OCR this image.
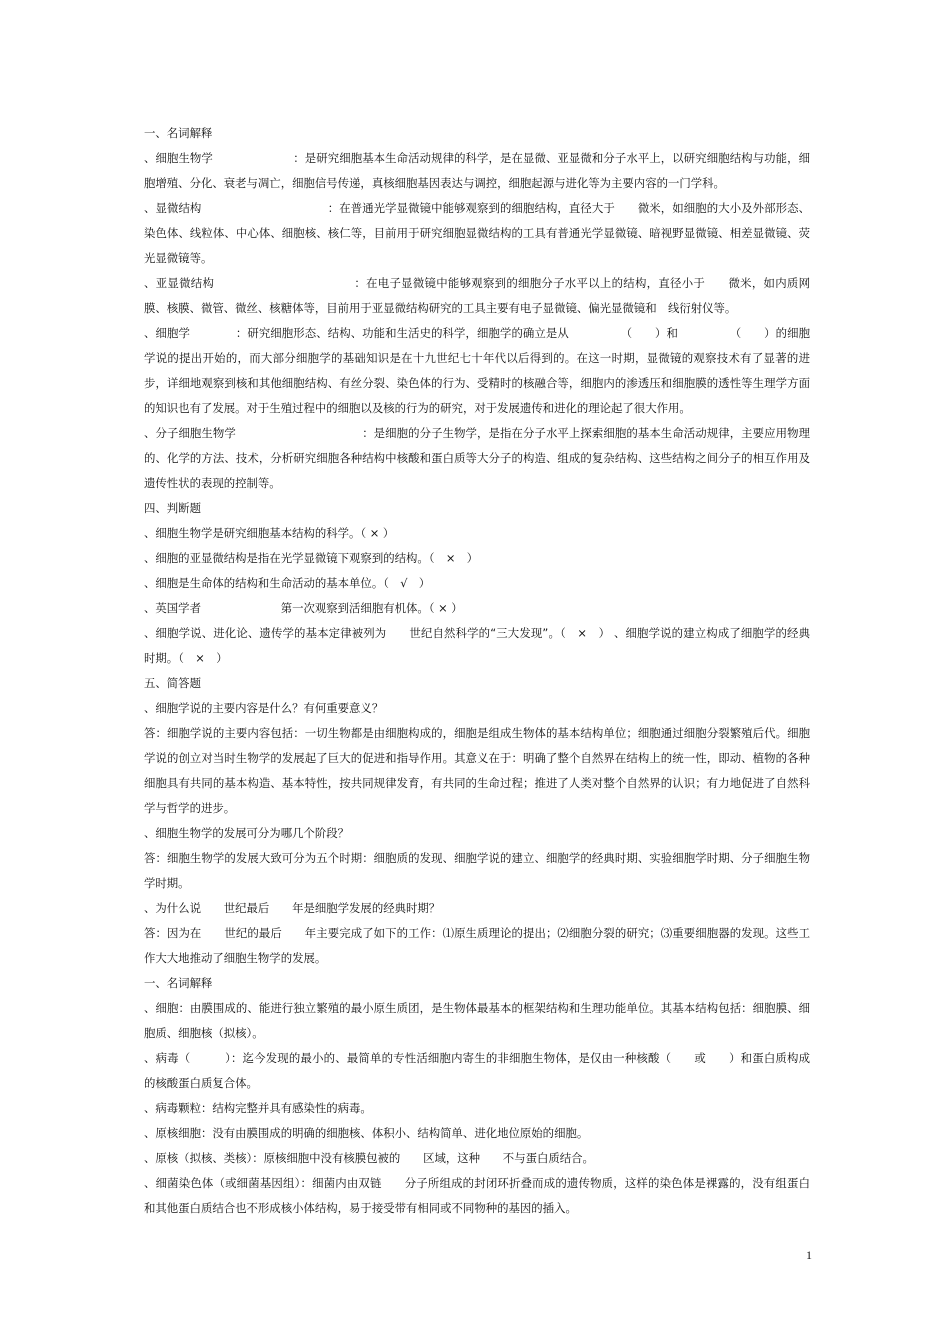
一、名词解释

、细胞生物学　　　　　　　：是研究细胞基本生命活动规律的科学，是在显微、亚显微和分子水平上，以研究细胞结构与功能，细胞增殖、分化、衰老与凋亡，细胞信号传递，真核细胞基因表达与调控，细胞起源与进化等为主要内容的一门学科。

、显微结构　　　　　　　　　　　：在普通光学显微镜中能够观察到的细胞结构，直径大于　　微米，如细胞的大小及外部形态、染色体、线粒体、中心体、细胞核、核仁等，目前用于研究细胞显微结构的工具有普通光学显微镜、暗视野显微镜、相差显微镜、荧光显微镜等。

、亚显微结构　　　　　　　　　　　　：在电子显微镜中能够观察到的细胞分子水平以上的结构，直径小于　　微米，如内质网膜、核膜、微管、微丝、核糖体等，目前用于亚显微结构研究的工具主要有电子显微镜、偏光显微镜和　线衍射仪等。

、细胞学　　　　：研究细胞形态、结构、功能和生活史的科学，细胞学的确立是从　　　　　（　　）和　　　　　（　　）的细胞学说的提出开始的，而大部分细胞学的基础知识是在十九世纪七十年代以后得到的。在这一时期，显微镜的观察技术有了显著的进步，详细地观察到核和其他细胞结构、有丝分裂、染色体的行为、受精时的核融合等，细胞内的渗透压和细胞膜的透性等生理学方面的知识也有了发展。对于生殖过程中的细胞以及核的行为的研究，对于发展遗传和进化的理论起了很大作用。

、分子细胞生物学　　　　　　　　　　　：是细胞的分子生物学，是指在分子水平上探索细胞的基本生命活动规律，主要应用物理的、化学的方法、技术，分析研究细胞各种结构中核酸和蛋白质等大分子的构造、组成的复杂结构、这些结构之间分子的相互作用及遗传性状的表现的控制等。

四、判断题

、细胞生物学是研究细胞基本结构的科学。（ × ）

、细胞的亚显微结构是指在光学显微镜下观察到的结构。（　×　）

、细胞是生命体的结构和生命活动的基本单位。（　√　）

、英国学者　　　　　　　第一次观察到活细胞有机体。（ × ）

、细胞学说、进化论、遗传学的基本定律被列为　　世纪自然科学的“三大发现”。（　×　） 、细胞学说的建立构成了细胞学的经典时期。（　×　）

五、简答题

、细胞学说的主要内容是什么？有何重要意义？

答：细胞学说的主要内容包括：一切生物都是由细胞构成的，细胞是组成生物体的基本结构单位；细胞通过细胞分裂繁殖后代。细胞学说的创立对当时生物学的发展起了巨大的促进和指导作用。其意义在于：明确了整个自然界在结构上的统一性，即动、植物的各种细胞具有共同的基本构造、基本特性，按共同规律发育，有共同的生命过程；推进了人类对整个自然界的认识；有力地促进了自然科学与哲学的进步。

、细胞生物学的发展可分为哪几个阶段？

答：细胞生物学的发展大致可分为五个时期：细胞质的发现、细胞学说的建立、细胞学的经典时期、实验细胞学时期、分子细胞生物学时期。

、为什么说　　世纪最后　　年是细胞学发展的经典时期？

答：因为在　　世纪的最后　　年主要完成了如下的工作：⑴原生质理论的提出；⑵细胞分裂的研究；⑶重要细胞器的发现。这些工作大大地推动了细胞生物学的发展。

一、名词解释

、细胞：由膜围成的、能进行独立繁殖的最小原生质团，是生物体最基本的框架结构和生理功能单位。其基本结构包括：细胞膜、细胞质、细胞核（拟核）。

、病毒（　　　）：迄今发现的最小的、最简单的专性活细胞内寄生的非细胞生物体，是仅由一种核酸（　　或　　）和蛋白质构成的核酸蛋白质复合体。

、病毒颗粒：结构完整并具有感染性的病毒。

、原核细胞：没有由膜围成的明确的细胞核、体积小、结构简单、进化地位原始的细胞。

、原核（拟核、类核）：原核细胞中没有核膜包被的　　区域，这种　　不与蛋白质结合。

、细菌染色体（或细菌基因组）：细菌内由双链　　分子所组成的封闭环折叠而成的遗传物质，这样的染色体是裸露的，没有组蛋白和其他蛋白质结合也不形成核小体结构，易于接受带有相同或不同物种的基因的插入。

1
